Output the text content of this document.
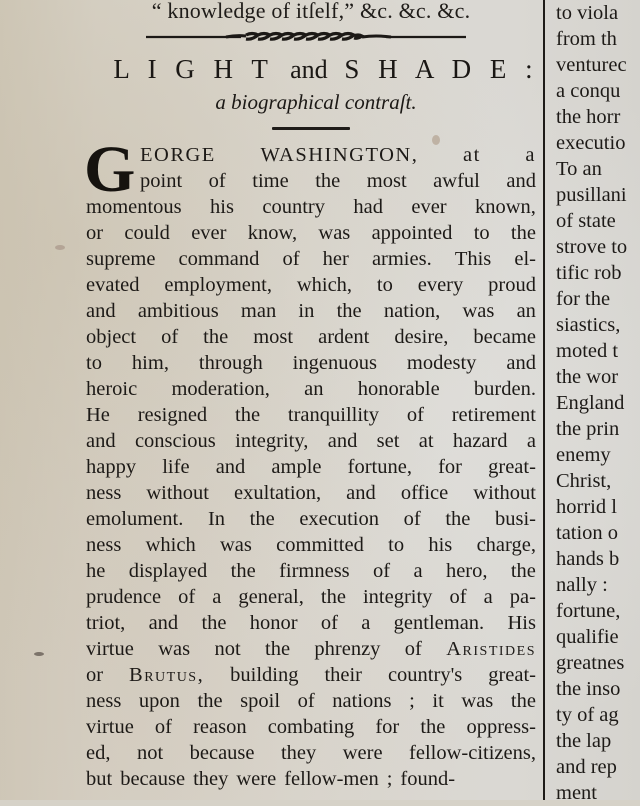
“ knowledge of itſelf,” &c. &c. &c.
L I G H T and S H A D E :
a biographical contraſt.
G EORGE WASHINGTON, at a
point of time the most awful and
momentous his country had ever known,
or could ever know, was appointed to the
supreme command of her armies. This el-
evated employment, which, to every proud
and ambitious man in the nation, was an
object of the most ardent desire, became
to him, through ingenuous modesty and
heroic moderation, an honorable burden.
He resigned the tranquillity of retirement
and conscious integrity, and set at hazard a
happy life and ample fortune, for great-
ness without exultation, and office without
emolument. In the execution of the busi-
ness which was committed to his charge,
he displayed the firmness of a hero, the
prudence of a general, the integrity of a pa-
triot, and the honor of a gentleman. His
virtue was not the phrenzy of Aristides
or Brutus, building their country's great-
ness upon the spoil of nations ; it was the
virtue of reason combating for the oppress-
ed, not because they were fellow-citizens,
but because they were fellow-men ; found-
to viola
from th
venturec
a conqu
the horr
executio
To an
pusillani
of state
strove to
tific rob
for the
siastics,
moted t
the wor
England
the prin
enemy
Christ,
horrid l
tation o
hands b
nally :
fortune,
qualifie
greatnes
the inso
ty of ag
the lap
and rep
ment
